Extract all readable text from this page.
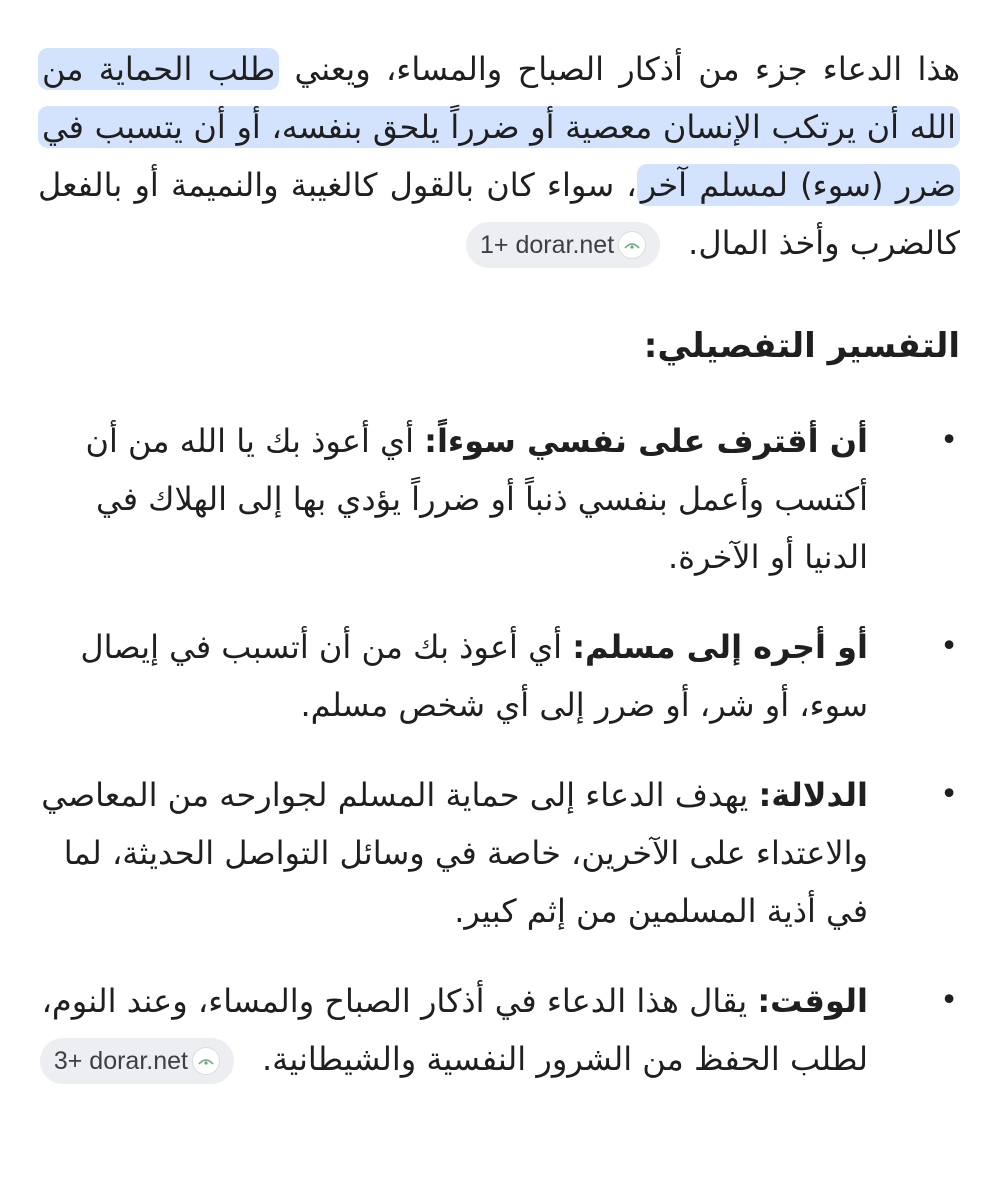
هذا الدعاء جزء من أذكار الصباح والمساء، ويعني طلب الحماية من الله أن يرتكب الإنسان معصية أو ضرراً يلحق بنفسه، أو أن يتسبب في ضرر (سوء) لمسلم آخر، سواء كان بالقول كالغيبة والنميمة أو بالفعل كالضرب وأخذ المال.
1+ dorar.net

التفسير التفصيلي:
•
أن أقترف على نفسي سوءاً: أي أعوذ بك يا الله من أن أكتسب وأعمل بنفسي ذنباً أو ضرراً يؤدي بها إلى الهلاك في الدنيا أو الآخرة.
•
أو أجره إلى مسلم: أي أعوذ بك من أن أتسبب في إيصال سوء، أو شر، أو ضرر إلى أي شخص مسلم.
•
الدلالة: يهدف الدعاء إلى حماية المسلم لجوارحه من المعاصي والاعتداء على الآخرين، خاصة في وسائل التواصل الحديثة، لما في أذية المسلمين من إثم كبير.
•
الوقت: يقال هذا الدعاء في أذكار الصباح والمساء، وعند النوم، لطلب الحفظ من الشرور النفسية والشيطانية.
3+ dorar.net
